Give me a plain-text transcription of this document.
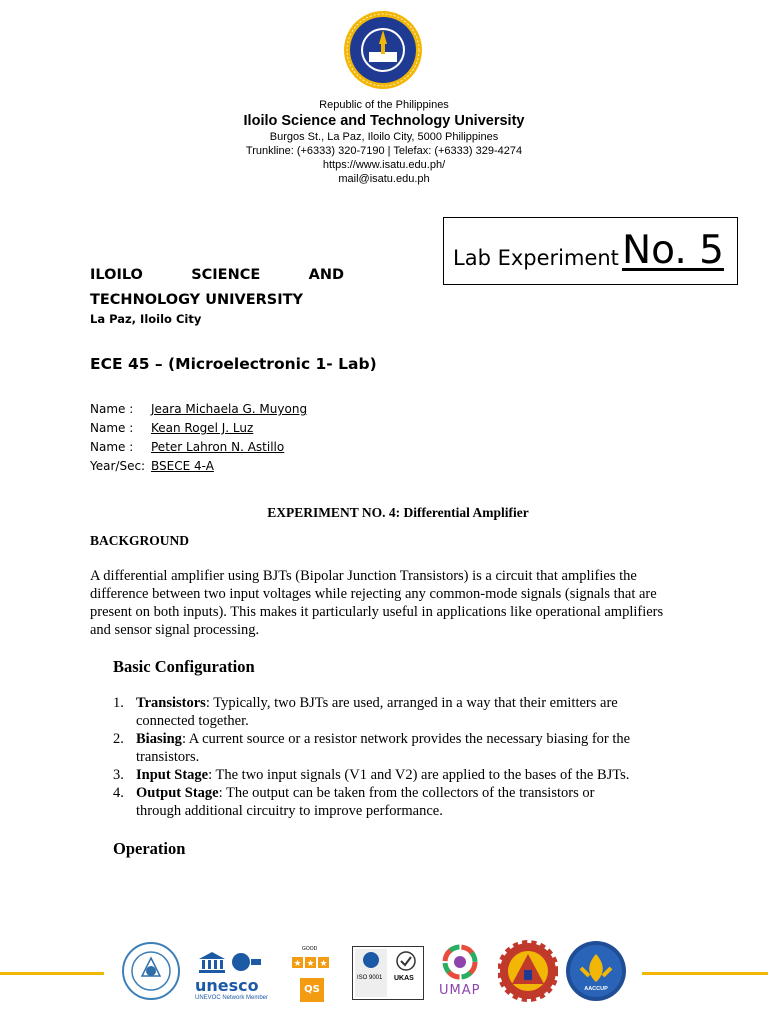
Republic of the Philippines
Iloilo Science and Technology University
Burgos St., La Paz, Iloilo City, 5000 Philippines
Trunkline: (+6333) 320-7190 | Telefax: (+6333) 329-4274
https://www.isatu.edu.ph/
mail@isatu.edu.ph
Lab Experiment No. 5
ILOILO	SCIENCE	AND
TECHNOLOGY UNIVERSITY
La Paz, Iloilo City
ECE 45 – (Microelectronic 1- Lab)
Name :	Jeara Michaela G. Muyong
Name :	Kean Rogel J. Luz
Name :	Peter Lahron N. Astillo
Year/Sec: BSECE 4-A
EXPERIMENT NO. 4: Differential Amplifier
BACKGROUND
A differential amplifier using BJTs (Bipolar Junction Transistors) is a circuit that amplifies the difference between two input voltages while rejecting any common-mode signals (signals that are present on both inputs). This makes it particularly useful in applications like operational amplifiers and sensor signal processing.
Basic Configuration
1. Transistors: Typically, two BJTs are used, arranged in a way that their emitters are connected together.
2. Biasing: A current source or a resistor network provides the necessary biasing for the transistors.
3. Input Stage: The two input signals (V1 and V2) are applied to the bases of the BJTs.
4. Output Stage: The output can be taken from the collectors of the transistors or through additional circuitry to improve performance.
Operation
unesco
UNEVOC Network Member
GOOD
★ ★ ★
QS
ISO 9001 UKAS
UMAP	AACCUP
